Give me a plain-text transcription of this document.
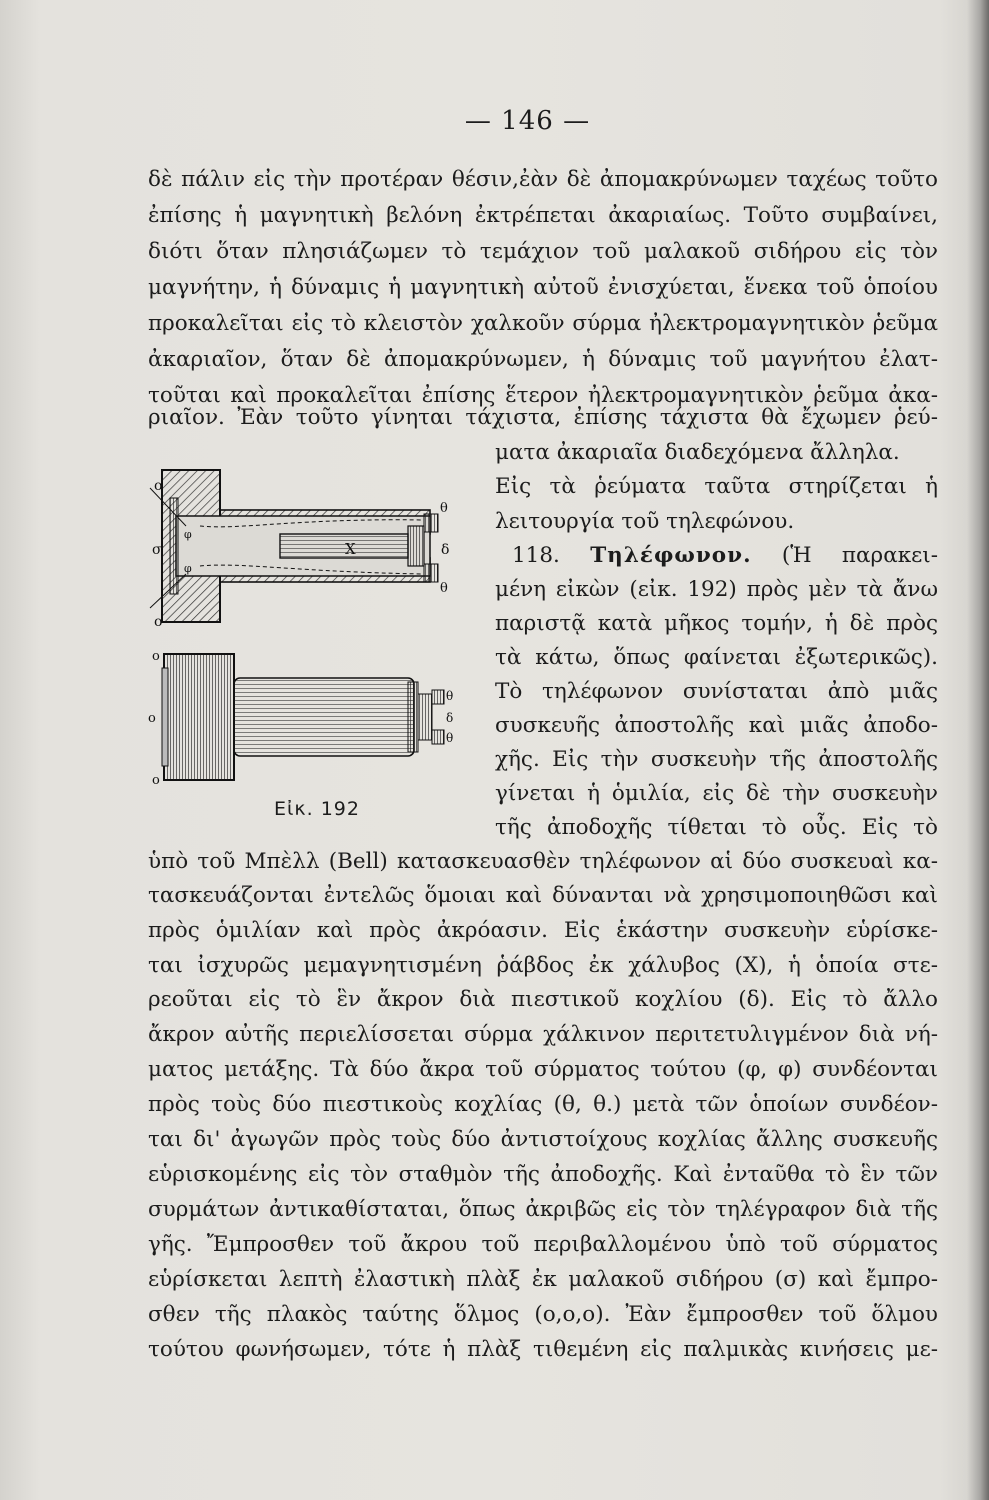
— 146 —
δὲ πάλιν εἰς τὴν προτέραν θέσιν,ἐὰν δὲ ἀπομακρύνωμεν ταχέως τοῦτο
ἐπίσης ἡ μαγνητικὴ βελόνη ἐκτρέπεται ἀκαριαίως. Τοῦτο συμβαίνει,
διότι ὅταν πλησιάζωμεν τὸ τεμάχιον τοῦ μαλακοῦ σιδήρου εἰς τὸν
μαγνήτην, ἡ δύναμις ἡ μαγνητικὴ αὐτοῦ ἐνισχύεται, ἕνεκα τοῦ ὁποίου
προκαλεῖται εἰς τὸ κλειστὸν χαλκοῦν σύρμα ἠλεκτρομαγνητικὸν ῥεῦμα
ἀκαριαῖον, ὅταν δὲ ἀπομακρύνωμεν, ἡ δύναμις τοῦ μαγνήτου ἐλατ-
τοῦται καὶ προκαλεῖται ἐπίσης ἕτερον ἠλεκτρομαγνητικὸν ῥεῦμα ἀκα-
ριαῖον. Ἐὰν τοῦτο γίνηται τάχιστα, ἐπίσης τάχιστα θὰ ἔχωμεν ῥεύ-
ματα ἀκαριαῖα διαδεχόμενα ἄλληλα.
Εἰς τὰ ῥεύματα ταῦτα στηρίζεται ἡ
λειτουργία τοῦ τηλεφώνου.
118. Τηλέφωνον. (Ἡ παρακει-
μένη εἰκὼν (εἰκ. 192) πρὸς μὲν τὰ ἄνω
παριστᾷ κατὰ μῆκος τομήν, ἡ δὲ πρὸς
τὰ κάτω, ὅπως φαίνεται ἐξωτερικῶς).
Τὸ τηλέφωνον συνίσταται ἀπὸ μιᾶς
συσκευῆς ἀποστολῆς καὶ μιᾶς ἀποδο-
χῆς. Εἰς τὴν συσκευὴν τῆς ἀποστολῆς
γίνεται ἡ ὁμιλία, εἰς δὲ τὴν συσκευὴν
τῆς ἀποδοχῆς τίθεται τὸ οὖς. Εἰς τὸ
o
σ
o
φ
φ
X
θ
δ
θ
o
o
o
θ
δ
θ
Εἰκ. 192
ὑπὸ τοῦ Μπὲλλ (Bell) κατασκευασθὲν τηλέφωνον αἱ δύο συσκευαὶ κα-
τασκευάζονται ἐντελῶς ὅμοιαι καὶ δύνανται νὰ χρησιμοποιηθῶσι καὶ
πρὸς ὁμιλίαν καὶ πρὸς ἀκρόασιν. Εἰς ἑκάστην συσκευὴν εὑρίσκε-
ται ἰσχυρῶς μεμαγνητισμένη ῥάβδος ἐκ χάλυβος (X), ἡ ὁποία στε-
ρεοῦται εἰς τὸ ἓν ἄκρον διὰ πιεστικοῦ κοχλίου (δ). Εἰς τὸ ἄλλο
ἄκρον αὐτῆς περιελίσσεται σύρμα χάλκινον περιτετυλιγμένον διὰ νή-
ματος μετάξης. Τὰ δύο ἄκρα τοῦ σύρματος τούτου (φ, φ) συνδέονται
πρὸς τοὺς δύο πιεστικοὺς κοχλίας (θ, θ.) μετὰ τῶν ὁποίων συνδέον-
ται δι' ἀγωγῶν πρὸς τοὺς δύο ἀντιστοίχους κοχλίας ἄλλης συσκευῆς
εὑρισκομένης εἰς τὸν σταθμὸν τῆς ἀποδοχῆς. Καὶ ἐνταῦθα τὸ ἓν τῶν
συρμάτων ἀντικαθίσταται, ὅπως ἀκριβῶς εἰς τὸν τηλέγραφον διὰ τῆς
γῆς. Ἔμπροσθεν τοῦ ἄκρου τοῦ περιβαλλομένου ὑπὸ τοῦ σύρματος
εὑρίσκεται λεπτὴ ἐλαστικὴ πλὰξ ἐκ μαλακοῦ σιδήρου (σ) καὶ ἔμπρο-
σθεν τῆς πλακὸς ταύτης ὅλμος (ο,ο,ο). Ἐὰν ἔμπροσθεν τοῦ ὅλμου
τούτου φωνήσωμεν, τότε ἡ πλὰξ τιθεμένη εἰς παλμικὰς κινήσεις με-
